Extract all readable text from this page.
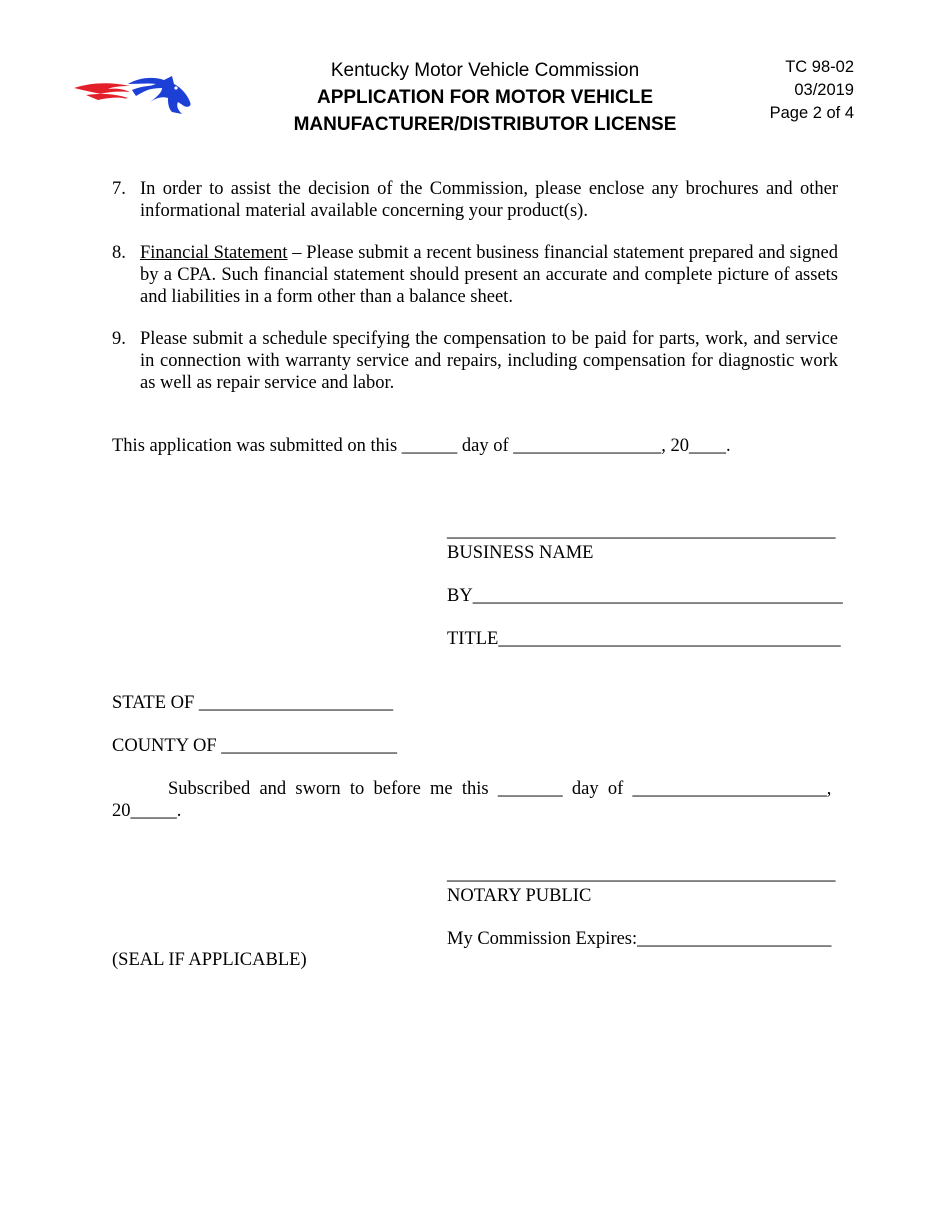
Kentucky Motor Vehicle Commission
APPLICATION FOR MOTOR VEHICLE
MANUFACTURER/DISTRIBUTOR LICENSE
TC 98-02
03/2019
Page 2 of 4
7. In order to assist the decision of the Commission, please enclose any brochures and other informational material available concerning your product(s).
8. Financial Statement – Please submit a recent business financial statement prepared and signed by a CPA. Such financial statement should present an accurate and complete picture of assets and liabilities in a form other than a balance sheet.
9. Please submit a schedule specifying the compensation to be paid for parts, work, and service in connection with warranty service and repairs, including compensation for diagnostic work as well as repair service and labor.
This application was submitted on this ______ day of ________________, 20____.
__________________________________________
BUSINESS NAME
BY________________________________________
TITLE_____________________________________
STATE OF _____________________
COUNTY OF ___________________
Subscribed  and  sworn  to  before  me  this  _______  day  of  _____________________,
20_____.
__________________________________________
NOTARY PUBLIC
My Commission Expires:_____________________
(SEAL IF APPLICABLE)
